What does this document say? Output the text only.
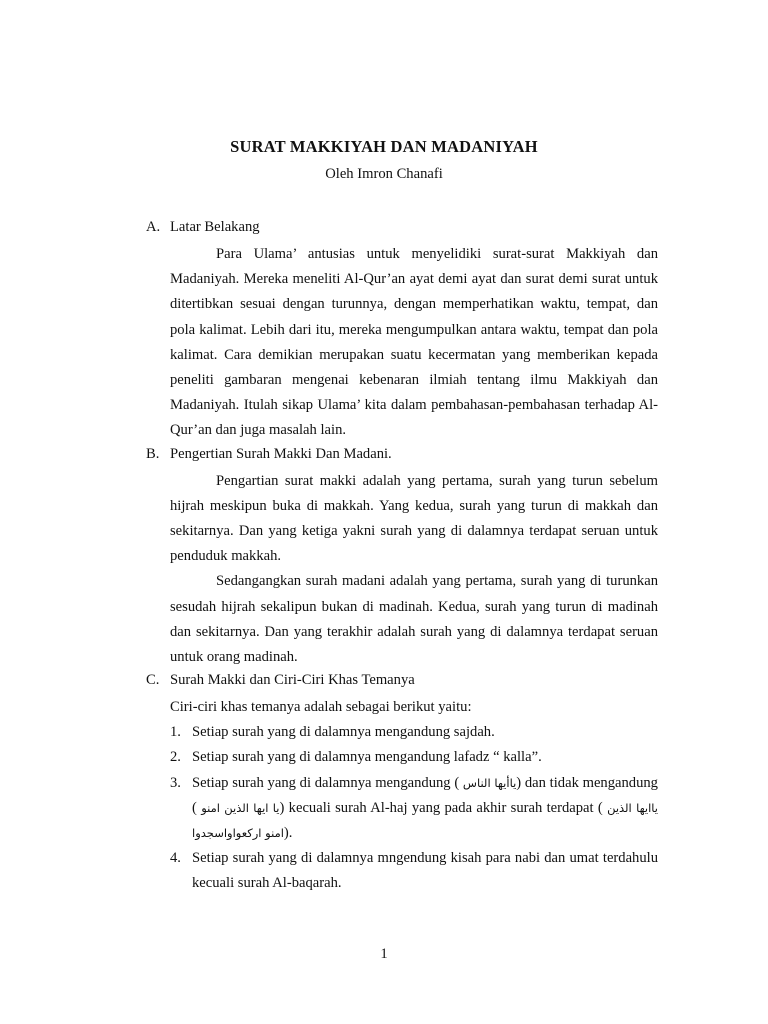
SURAT MAKKIYAH DAN MADANIYAH
Oleh Imron Chanafi
A. Latar Belakang
Para Ulama’ antusias untuk menyelidiki surat-surat Makkiyah dan Madaniyah. Mereka meneliti Al-Qur’an ayat demi ayat dan surat demi surat untuk ditertibkan sesuai dengan turunnya, dengan memperhatikan waktu, tempat, dan pola kalimat. Lebih dari itu, mereka mengumpulkan antara waktu, tempat dan pola kalimat. Cara demikian merupakan suatu kecermatan yang memberikan kepada peneliti gambaran mengenai kebenaran ilmiah tentang ilmu Makkiyah dan Madaniyah. Itulah sikap Ulama’ kita dalam pembahasan-pembahasan terhadap Al-Qur’an dan juga masalah lain.
B. Pengertian Surah Makki Dan Madani.
Pengartian surat makki adalah yang pertama, surah yang turun sebelum hijrah meskipun buka di makkah. Yang kedua, surah yang turun di makkah dan sekitarnya. Dan yang ketiga yakni surah yang di dalamnya terdapat seruan untuk penduduk makkah.
Sedangangkan surah madani adalah yang pertama, surah yang di turunkan sesudah hijrah sekalipun bukan di madinah. Kedua, surah yang turun di madinah dan sekitarnya. Dan yang terakhir adalah surah yang di dalamnya terdapat seruan untuk orang madinah.
C. Surah Makki dan Ciri-Ciri Khas Temanya
Ciri-ciri khas temanya adalah sebagai berikut yaitu:
1. Setiap surah yang di dalamnya mengandung sajdah.
2. Setiap surah yang di dalamnya mengandung lafadz “ kalla”.
3. Setiap surah yang di dalamnya mengandung ( ياأيها الناس) dan tidak mengandung ( يا ايها الذين امنو) kecuali surah Al-haj yang pada akhir surah terdapat ( ياايها الذين امنو اركعواواسجدوا).
4. Setiap surah yang di dalamnya mngendung kisah para nabi dan umat terdahulu kecuali surah Al-baqarah.
1
